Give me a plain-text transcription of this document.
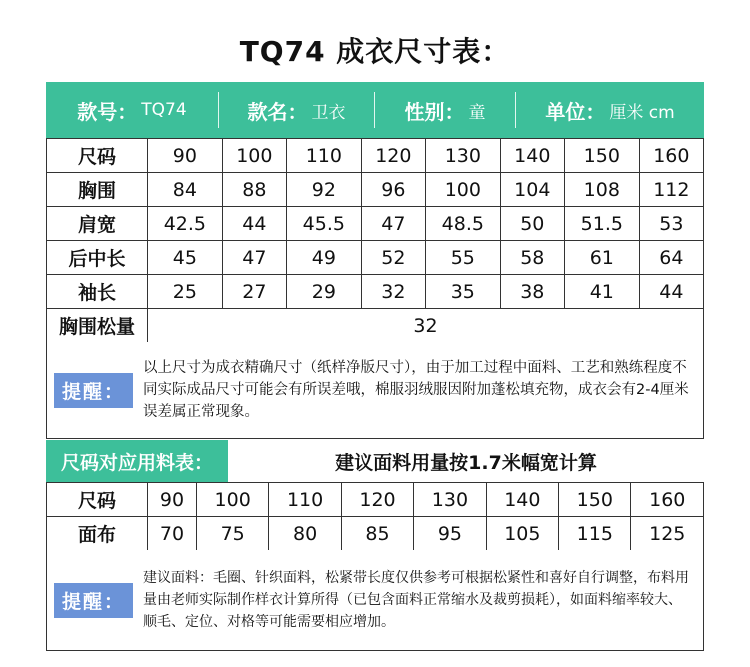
TQ74 成衣尺寸表：
款号： TQ74	款名： 卫衣	性别： 童	单位： 厘米 cm
尺码	90	100	110	120	130	140	150	160
胸围	84	88	92	96	100	104	108	112
肩宽	42.5	44	45.5	47	48.5	50	51.5	53
后中长	45	47	49	52	55	58	61	64
袖长	25	27	29	32	35	38	41	44
胸围松量	32							
提醒：
以上尺寸为成衣精确尺寸（纸样净版尺寸），由于加工过程中面料、工艺和熟练程度不同实际成品尺寸可能会有所误差哦，棉服羽绒服因附加蓬松填充物，成衣会有2-4厘米误差属正常现象。
尺码对应用料表：	建议面料用量按1.7米幅宽计算
尺码	90	100	110	120	130	140	150	160
面布	70	75	80	85	95	105	115	125
提醒：
建议面料：毛圈、针织面料，松紧带长度仅供参考可根据松紧性和喜好自行调整，布料用量由老师实际制作样衣计算所得（已包含面料正常缩水及裁剪损耗），如面料缩率较大、顺毛、定位、对格等可能需要相应增加。
